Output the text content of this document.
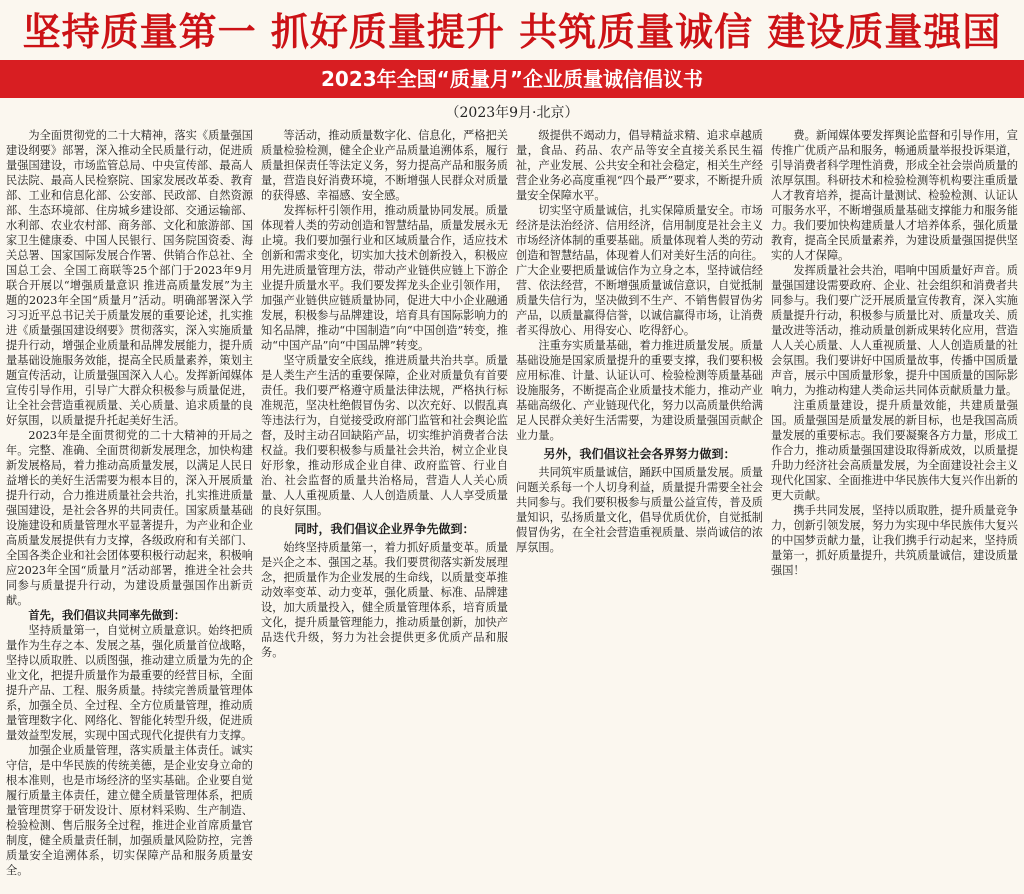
坚持质量第一 抓好质量提升 共筑质量诚信 建设质量强国
2023年全国“质量月”企业质量诚信倡议书
（2023年9月·北京）

为全面贯彻党的二十大精神，落实《质量强国建设纲要》部署，深入推动全民质量行动，促进质量强国建设，市场监管总局、中央宣传部、最高人民法院、最高人民检察院、国家发展改革委、教育部、工业和信息化部、公安部、民政部、自然资源部、生态环境部、住房城乡建设部、交通运输部、水利部、农业农村部、商务部、文化和旅游部、国家卫生健康委、中国人民银行、国务院国资委、海关总署、国家国际发展合作署、供销合作总社、全国总工会、全国工商联等25个部门于2023年9月联合开展以“增强质量意识 推进高质量发展”为主题的2023年全国“质量月”活动。明确部署深入学习习近平总书记关于质量发展的重要论述，扎实推进《质量强国建设纲要》贯彻落实，深入实施质量提升行动，增强企业质量和品牌发展能力，提升质量基础设施服务效能，提高全民质量素养，策划主题宣传活动，让质量强国深入人心。发挥新闻媒体宣传引导作用，引导广大群众积极参与质量促进，让全社会营造重视质量、关心质量、追求质量的良好氛围，以质量提升托起美好生活。

2023年是全面贯彻党的二十大精神的开局之年。完整、准确、全面贯彻新发展理念，加快构建新发展格局，着力推动高质量发展，以满足人民日益增长的美好生活需要为根本目的，深入开展质量提升行动，合力推进质量社会共治，扎实推进质量强国建设，是社会各界的共同责任。国家质量基础设施建设和质量管理水平显著提升，为产业和企业高质量发展提供有力支撑，各级政府和有关部门、全国各类企业和社会团体要积极行动起来，积极响应2023年全国“质量月”活动部署，推进全社会共同参与质量提升行动，为建设质量强国作出新贡献。

首先，我们倡议共同率先做到：

坚持质量第一，自觉树立质量意识。始终把质量作为生存之本、发展之基，强化质量首位战略，坚持以质取胜、以质图强，推动建立质量为先的企业文化，把提升质量作为最重要的经营目标，全面提升产品、工程、服务质量。持续完善质量管理体系，加强全员、全过程、全方位质量管理，推动质量管理数字化、网络化、智能化转型升级，促进质量效益型发展，实现中国式现代化提供有力支撑。

加强企业质量管理，落实质量主体责任。诚实守信，是中华民族的传统美德，是企业安身立命的根本准则，也是市场经济的坚实基础。企业要自觉履行质量主体责任，建立健全质量管理体系，把质量管理贯穿于研发设计、原材料采购、生产制造、检验检测、售后服务全过程，推进企业首席质量官制度，健全质量责任制，加强质量风险防控，完善质量安全追溯体系，切实保障产品和服务质量安全。

等活动，推动质量数字化、信息化，严格把关质量检验检测，健全企业产品质量追溯体系，履行质量担保责任等法定义务，努力提高产品和服务质量，营造良好消费环境，不断增强人民群众对质量的获得感、幸福感、安全感。

发挥标杆引领作用，推动质量协同发展。质量体现着人类的劳动创造和智慧结晶，质量发展永无止境。我们要加强行业和区域质量合作，适应技术创新和需求变化，切实加大技术创新投入，积极应用先进质量管理方法，带动产业链供应链上下游企业提升质量水平。我们要发挥龙头企业引领作用，加强产业链供应链质量协同，促进大中小企业融通发展，积极参与品牌建设，培育具有国际影响力的知名品牌，推动“中国制造”向“中国创造”转变，推动“中国产品”向“中国品牌”转变。

坚守质量安全底线，推进质量共治共享。质量是人类生产生活的重要保障，企业对质量负有首要责任。我们要严格遵守质量法律法规，严格执行标准规范，坚决杜绝假冒伪劣、以次充好、以假乱真等违法行为，自觉接受政府部门监管和社会舆论监督，及时主动召回缺陷产品，切实维护消费者合法权益。我们要积极参与质量社会共治，树立企业良好形象，推动形成企业自律、政府监管、行业自治、社会监督的质量共治格局，营造人人关心质量、人人重视质量、人人创造质量、人人享受质量的良好氛围。

同时，我们倡议企业界争先做到：

始终坚持质量第一，着力抓好质量变革。质量是兴企之本、强国之基。我们要贯彻落实新发展理念，把质量作为企业发展的生命线，以质量变革推动效率变革、动力变革，强化质量、标准、品牌建设，加大质量投入，健全质量管理体系，培育质量文化，提升质量管理能力，推动质量创新，加快产品迭代升级，努力为社会提供更多优质产品和服务。

级提供不竭动力，倡导精益求精、追求卓越质量，食品、药品、农产品等安全直接关系民生福祉，产业发展、公共安全和社会稳定，相关生产经营企业务必高度重视“四个最严”要求，不断提升质量安全保障水平。

切实坚守质量诚信，扎实保障质量安全。市场经济是法治经济、信用经济，信用制度是社会主义市场经济体制的重要基础。质量体现着人类的劳动创造和智慧结晶，体现着人们对美好生活的向往。广大企业要把质量诚信作为立身之本，坚持诚信经营、依法经营，不断增强质量诚信意识，自觉抵制质量失信行为，坚决做到不生产、不销售假冒伪劣产品，以质量赢得信誉，以诚信赢得市场，让消费者买得放心、用得安心、吃得舒心。

注重夯实质量基础，着力推进质量发展。质量基础设施是国家质量提升的重要支撑，我们要积极应用标准、计量、认证认可、检验检测等质量基础设施服务，不断提高企业质量技术能力，推动产业基础高级化、产业链现代化，努力以高质量供给满足人民群众美好生活需要，为建设质量强国贡献企业力量。

另外，我们倡议社会各界努力做到：

共同筑牢质量诚信，踊跃中国质量发展。质量问题关系每一个人切身利益，质量提升需要全社会共同参与。我们要积极参与质量公益宣传，普及质量知识，弘扬质量文化，倡导优质优价，自觉抵制假冒伪劣，在全社会营造重视质量、崇尚诚信的浓厚氛围。

费。新闻媒体要发挥舆论监督和引导作用，宣传推广优质产品和服务，畅通质量举报投诉渠道，引导消费者科学理性消费，形成全社会崇尚质量的浓厚氛围。科研技术和检验检测等机构要注重质量人才教育培养，提高计量测试、检验检测、认证认可服务水平，不断增强质量基础支撑能力和服务能力。我们要加快构建质量人才培养体系，强化质量教育，提高全民质量素养，为建设质量强国提供坚实的人才保障。

发挥质量社会共治，唱响中国质量好声音。质量强国建设需要政府、企业、社会组织和消费者共同参与。我们要广泛开展质量宣传教育，深入实施质量提升行动，积极参与质量比对、质量攻关、质量改进等活动，推动质量创新成果转化应用，营造人人关心质量、人人重视质量、人人创造质量的社会氛围。我们要讲好中国质量故事，传播中国质量声音，展示中国质量形象，提升中国质量的国际影响力，为推动构建人类命运共同体贡献质量力量。

注重质量建设，提升质量效能，共建质量强国。质量强国是质量发展的新目标，也是我国高质量发展的重要标志。我们要凝聚各方力量，形成工作合力，推动质量强国建设取得新成效，以质量提升助力经济社会高质量发展，为全面建设社会主义现代化国家、全面推进中华民族伟大复兴作出新的更大贡献。

携手共同发展，坚持以质取胜，提升质量竞争力，创新引领发展，努力为实现中华民族伟大复兴的中国梦贡献力量，让我们携手行动起来，坚持质量第一，抓好质量提升，共筑质量诚信，建设质量强国！
